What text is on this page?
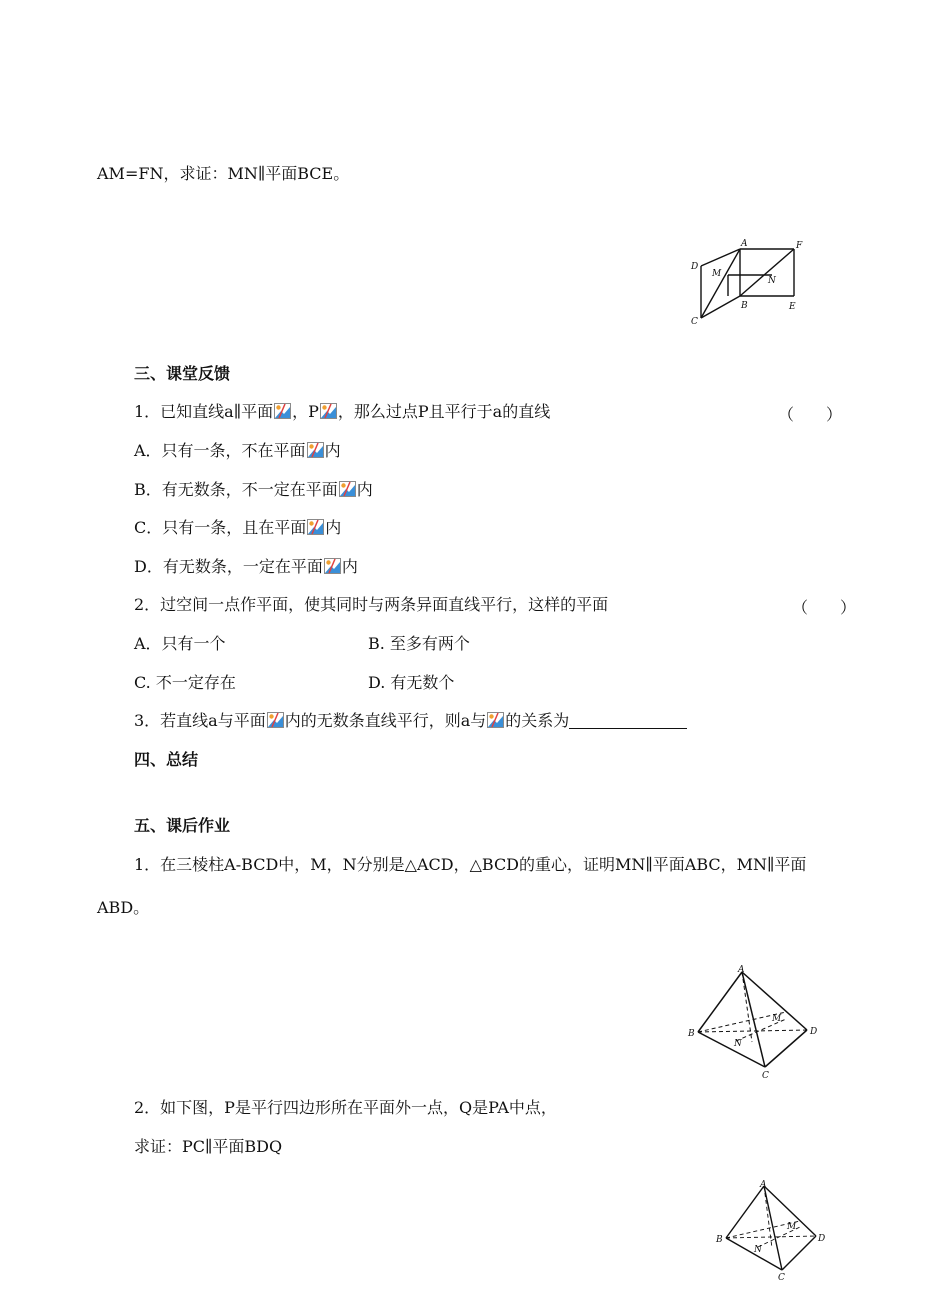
AM=FN，求证：MN∥平面BCE。
A	F
D
M
N
B	E
C
三、课堂反馈
1．已知直线a∥平面 ，P ，那么过点P且平行于a的直线	（　　）
A．只有一条，不在平面 内
B．有无数条，不一定在平面 内
C．只有一条，且在平面 内
D．有无数条，一定在平面 内
2．过空间一点作平面，使其同时与两条异面直线平行，这样的平面	（　　）
A．只有一个	B. 至多有两个
C. 不一定存在	D. 有无数个
3．若直线a与平面 内的无数条直线平行，则a与 的关系为
四、总结
五、课后作业
1．在三棱柱A-BCD中，M，N分别是△ACD，△BCD的重心，证明MN∥平面ABC，MN∥平面
ABD。
A
B
M
D
N
C
2．如下图，P是平行四边形所在平面外一点，Q是PA中点，
求证：PC∥平面BDQ
A
B
M
D
N
C
